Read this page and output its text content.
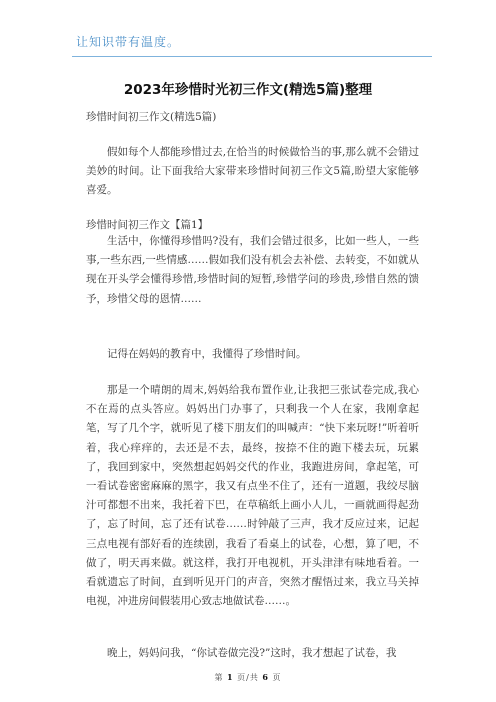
让知识带有温度。
2023年珍惜时光初三作文(精选5篇)整理
珍惜时间初三作文(精选5篇)
假如每个人都能珍惜过去,在恰当的时候做恰当的事,那么就不会错过美妙的时间。让下面我给大家带来珍惜时间初三作文5篇,盼望大家能够喜爱。
珍惜时间初三作文【篇1】
生活中，你懂得珍惜吗?没有，我们会错过很多，比如一些人，一些事,一些东西,一些情感……假如我们没有机会去补偿、去转变，不如就从现在开头学会懂得珍惜,珍惜时间的短暂,珍惜学问的珍贵,珍惜自然的馈予，珍惜父母的恩情……
记得在妈妈的教育中，我懂得了珍惜时间。
那是一个晴朗的周末,妈妈给我布置作业,让我把三张试卷完成,我心不在焉的点头答应。妈妈出门办事了，只剩我一个人在家，我刚拿起笔，写了几个字，就听见了楼下朋友们的叫喊声：“快下来玩呀!”听着听着，我心痒痒的，去还是不去，最终，按捺不住的跑下楼去玩，玩累了，我回到家中，突然想起妈妈交代的作业，我跑进房间，拿起笔，可一看试卷密密麻麻的黑字，我又有点坐不住了，还有一道题，我绞尽脑汁可都想不出来，我托着下巴，在草稿纸上画小人儿，一画就画得起劲了，忘了时间，忘了还有试卷……时钟敲了三声，我才反应过来，记起三点电视有部好看的连续剧，我看了看桌上的试卷，心想，算了吧，不做了，明天再来做。就这样，我打开电视机，开头津津有味地看着。一看就遗忘了时间，直到听见开门的声音，突然才醒悟过来，我立马关掉电视，冲进房间假装用心致志地做试卷……。
晚上，妈妈问我，“你试卷做完没?”这时，我才想起了试卷，我
第 1 页/共 6 页
